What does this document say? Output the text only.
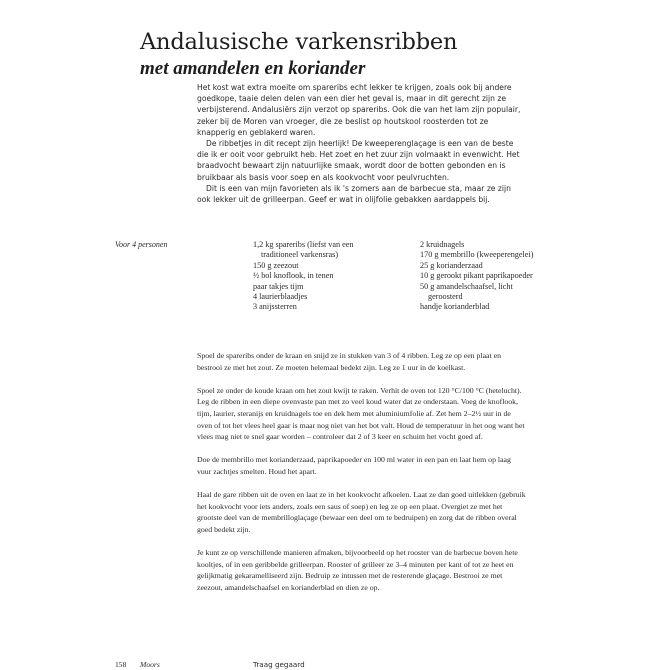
Andalusische varkensribben
met amandelen en koriander

Het kost wat extra moeite om spareribs echt lekker te krijgen, zoals ook bij andere goedkope, taaie delen delen van een dier het geval is, maar in dit gerecht zijn ze verbijsterend. Andalusiërs zijn verzot op spareribs. Ook die van het lam zijn populair, zeker bij de Moren van vroeger, die ze beslist op houtskool roosterden tot ze knapperig en geblakerd waren.

De ribbetjes in dit recept zijn heerlijk! De kweeperenglaçage is een van de beste die ik er ooit voor gebruikt heb. Het zoet en het zuur zijn volmaakt in evenwicht. Het braadvocht bewaart zijn natuurlijke smaak, wordt door de botten gebonden en is bruikbaar als basis voor soep en als kookvocht voor peulvruchten.

Dit is een van mijn favorieten als ik 's zomers aan de barbecue sta, maar ze zijn ook lekker uit de grilleerpan. Geef er wat in olijfolie gebakken aardappels bij.

Voor 4 personen	1,2 kg spareribs (liefst van een
traditioneel varkensras)
150 g zeezout
½ bol knoflook, in tenen
paar takjes tijm
4 laurierblaadjes
3 anijssterren
2 kruidnagels
170 g membrillo (kweeperengelei)
25 g korianderzaad
10 g gerookt pikant paprikapoeder
50 g amandelschaafsel, licht
geroosterd
handje korianderblad

Spoel de spareribs onder de kraan en snijd ze in stukken van 3 of 4 ribben. Leg ze op een plaat en bestrooi ze met het zout. Ze moeten helemaal bedekt zijn. Leg ze 1 uur in de koelkast.

Spoel ze onder de koude kraan om het zout kwijt te raken. Verhit de oven tot 120 °C/100 °C (hetelucht). Leg de ribben in een diepe ovenvaste pan met zo veel koud water dat ze onderstaan. Voeg de knoflook, tijm, laurier, steranijs en kruidnagels toe en dek hem met aluminiumfolie af. Zet hem 2–2½ uur in de oven of tot het vlees heel gaar is maar nog niet van het bot valt. Houd de temperatuur in het oog want het vlees mag niet te snel gaar worden – controleer dat 2 of 3 keer en schuim het vocht goed af.

Doe de membrillo met korianderzaad, paprikapoeder en 100 ml water in een pan en laat hem op laag vuur zachtjes smelten. Houd het apart.

Haal de gare ribben uit de oven en laat ze in het kookvocht afkoelen. Laat ze dan goed uitlekken (gebruik het kookvocht voor iets anders, zoals een saus of soep) en leg ze op een plaat. Overgiet ze met het grootste deel van de membrilloglaçage (bewaar een deel om te bedruipen) en zorg dat de ribben overal goed bedekt zijn.

Je kunt ze op verschillende manieren afmaken, bijvoorbeeld op het rooster van de barbecue boven hete kooltjes, of in een geribbelde grilleerpan. Rooster of grilleer ze 3–4 minuten per kant of tot ze heet en gelijkmatig gekaramelliseerd zijn. Bedruip ze intussen met de resterende glaçage. Bestrooi ze met zeezout, amandelschaafsel en korianderblad en dien ze op.

158 Moors	Traag gegaard
